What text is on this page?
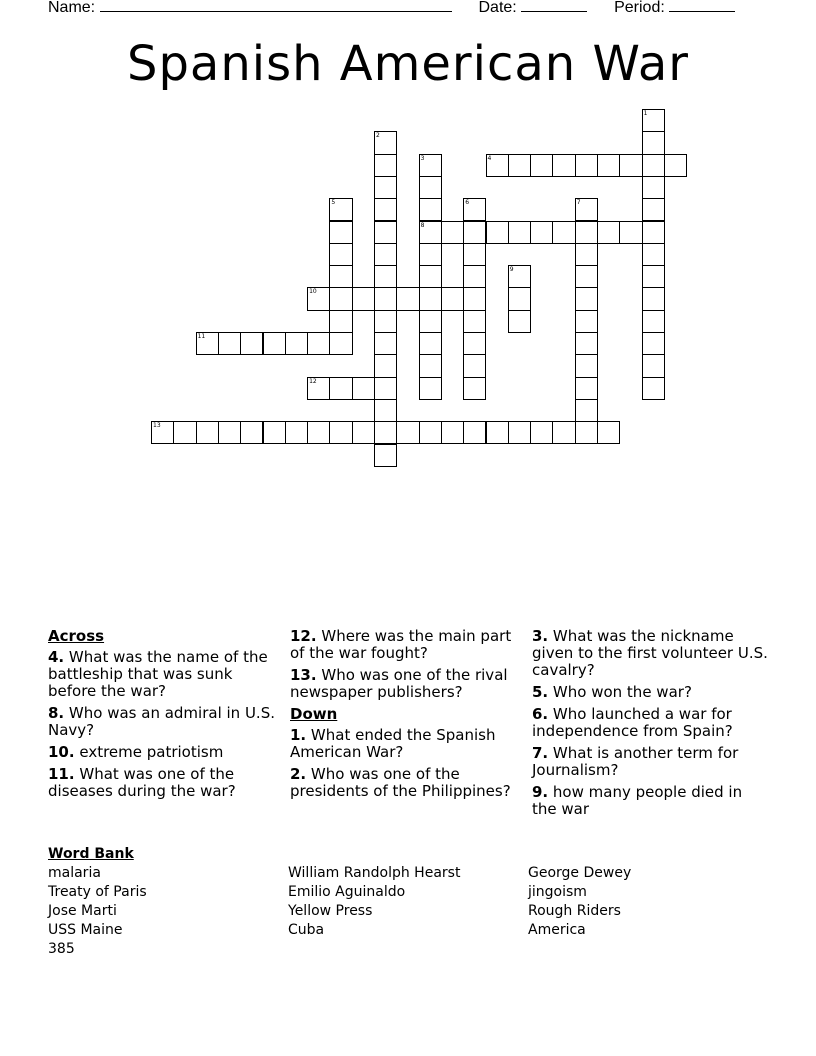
Name:	Date:	Period:
Spanish American War
1
2
3	4
5	6	7
8
9
10
11
12
13
Across
4. What was the name of the battleship that was sunk before the war?
8. Who was an admiral in U.S. Navy?
10. extreme patriotism
11. What was one of the diseases during the war?
12. Where was the main part of the war fought?
13. Who was one of the rival newspaper publishers?
Down
1. What ended the Spanish American War?
2. Who was one of the presidents of the Philippines?
3. What was the nickname given to the first volunteer U.S. cavalry?
5. Who won the war?
6. Who launched a war for independence from Spain?
7. What is another term for Journalism?
9. how many people died in the war
Word Bank
malaria
Treaty of Paris
Jose Marti
USS Maine
385
William Randolph Hearst
Emilio Aguinaldo
Yellow Press
Cuba
George Dewey
jingoism
Rough Riders
America
